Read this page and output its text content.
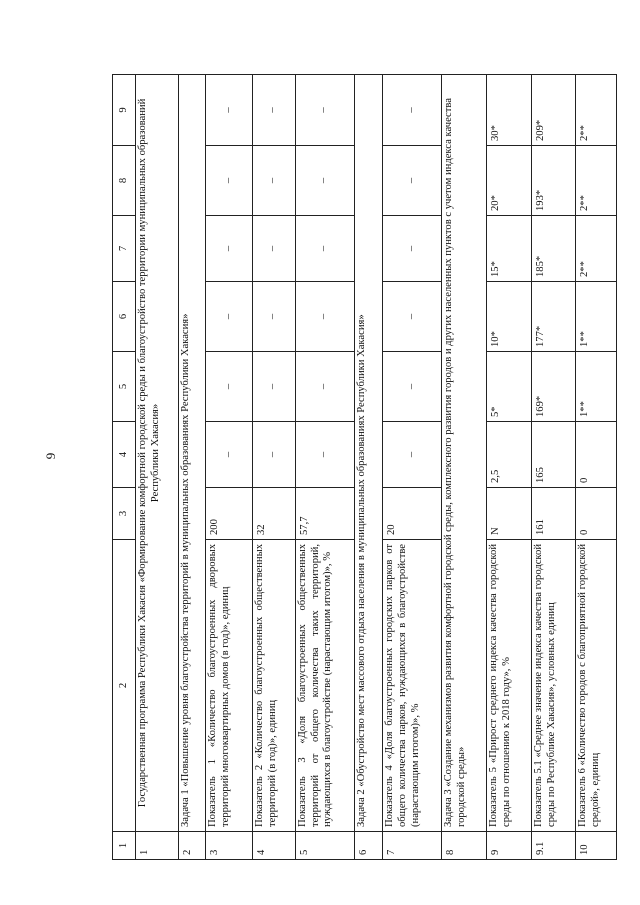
9
1	2	3	4	5	6	7	8	9
1	Государственная программа Республики Хакасия «Формирование комфортной городской среды и благоустройство территории муниципальных образований Республики Хакасия»							
2	Задача 1 «Повышение уровня благоустройства территорий в муниципальных образованиях Республики Хакасия»							
3	Показатель 1 «Количество благоустроенных дворовых территорий многоквартирных домов (в год)», единиц	200	–	–	–	–	–	–
4	Показатель 2 «Количество благоустроенных общественных территорий (в год)», единиц	32	–	–	–	–	–	–
5	Показатель 3 «Доля благоустроенных общественных территорий от общего количества таких территорий, нуждающихся в благоустройстве (нарастающим итогом)», %	57,7	–	–	–	–	–	–
6	Задача 2 «Обустройство мест массового отдыха населения в муниципальных образованиях Республики Хакасия»							
7	Показатель 4 «Доля благоустроенных городских парков от общего количества парков, нуждающихся в благоустройстве (нарастающим итогом)», %	20	–	–	–	–	–	–
8	Задача 3 «Создание механизмов развития комфортной городской среды, комплексного развития городов и других населенных пунктов с учетом индекса качества городской среды»							
9	Показатель 5 «Прирост среднего индекса качества городской среды по отношению к 2018 году», %	N	2,5	5*	10*	15*	20*	30*
9.1	Показатель 5.1 «Среднее значение индекса качества городской среды по Республике Хакасия», условных единиц	161	165	169*	177*	185*	193*	209*
10	Показатель 6 «Количество городов с благоприятной городской средой», единиц	0	0	1**	1**	2**	2**	2**
